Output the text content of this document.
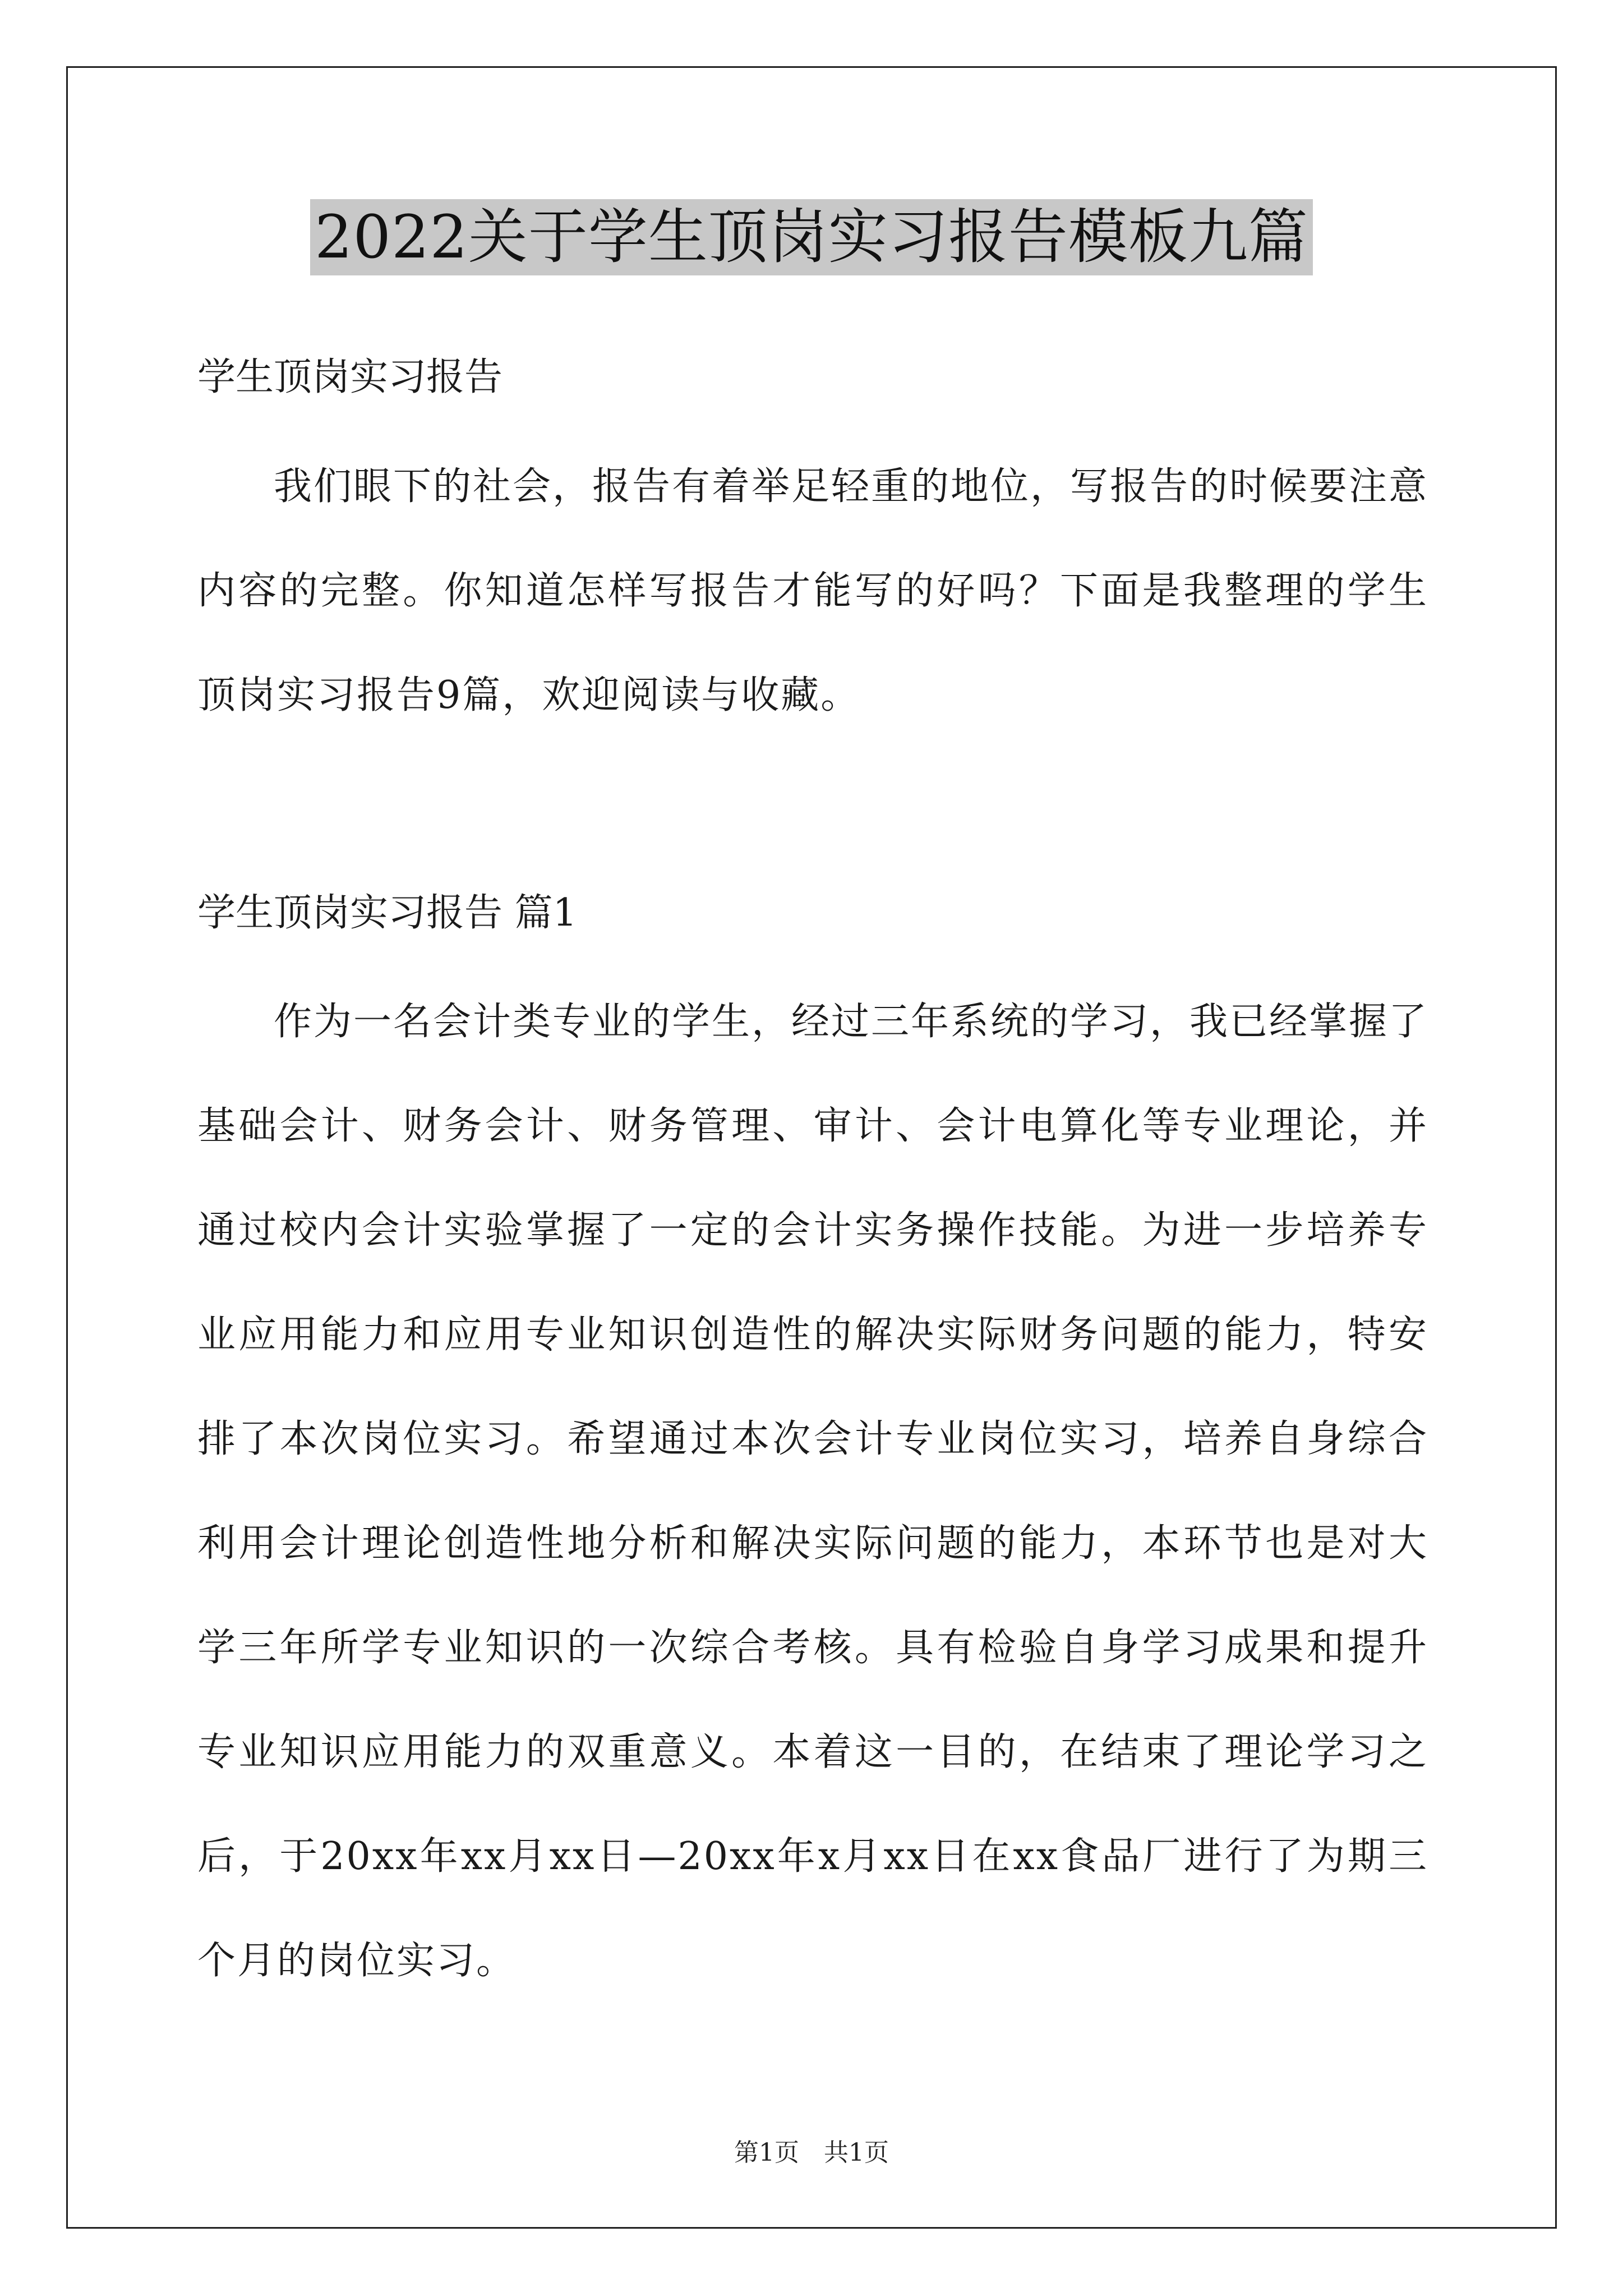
2022关于学生顶岗实习报告模板九篇
学生顶岗实习报告
我们眼下的社会，报告有着举足轻重的地位，写报告的时候要注意内容的完整。你知道怎样写报告才能写的好吗？下面是我整理的学生顶岗实习报告9篇，欢迎阅读与收藏。
学生顶岗实习报告 篇1
作为一名会计类专业的学生，经过三年系统的学习，我已经掌握了基础会计、财务会计、财务管理、审计、会计电算化等专业理论，并通过校内会计实验掌握了一定的会计实务操作技能。为进一步培养专业应用能力和应用专业知识创造性的解决实际财务问题的能力，特安排了本次岗位实习。希望通过本次会计专业岗位实习，培养自身综合利用会计理论创造性地分析和解决实际问题的能力，本环节也是对大学三年所学专业知识的一次综合考核。具有检验自身学习成果和提升专业知识应用能力的双重意义。本着这一目的，在结束了理论学习之后，于20xx年xx月xx日—20xx年x月xx日在xx食品厂进行了为期三个月的岗位实习。
第1页　共1页
